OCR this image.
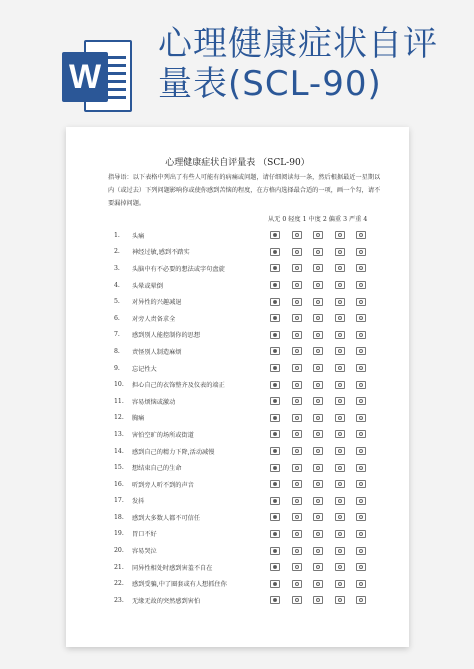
W
心理健康症状自评
量表(SCL-90)
心理健康症状自评量表 （SCL-90）
指导语：以下表格中列出了有些人可能有的病痛或问题，请仔细阅读每一条，然后根据最近一星期以内（或过去）下列问题影响你或使你感到苦恼的程度，在方格内选择最合适的一项，画一个勾，请不要漏掉问题。
从无 0 轻度 1 中度 2 偏重 3 严重 4
1.	头痛
2.	神经过敏,感到不踏实
3.	头脑中有不必要的想法或字句盘旋
4.	头晕或晕倒
5.	对异性的兴趣减退
6.	对旁人责备求全
7.	感到别人能控制你的思想
8.	责怪别人制造麻烦
9.	忘记性大
10.	担心自己的衣饰整齐及仪表的端正
11.	容易烦恼或激动
12.	胸痛
13.	害怕空旷的场所或街道
14.	感到自己的精力下降,活动减慢
15.	想结束自己的生命
16.	听到旁人听不到的声音
17.	发抖
18.	感到大多数人都不可信任
19.	胃口不好
20.	容易哭泣
21.	同异性相处时感到害羞不自在
22.	感到受骗,中了圈套或有人想抓住你
23.	无缘无故的突然感到害怕
